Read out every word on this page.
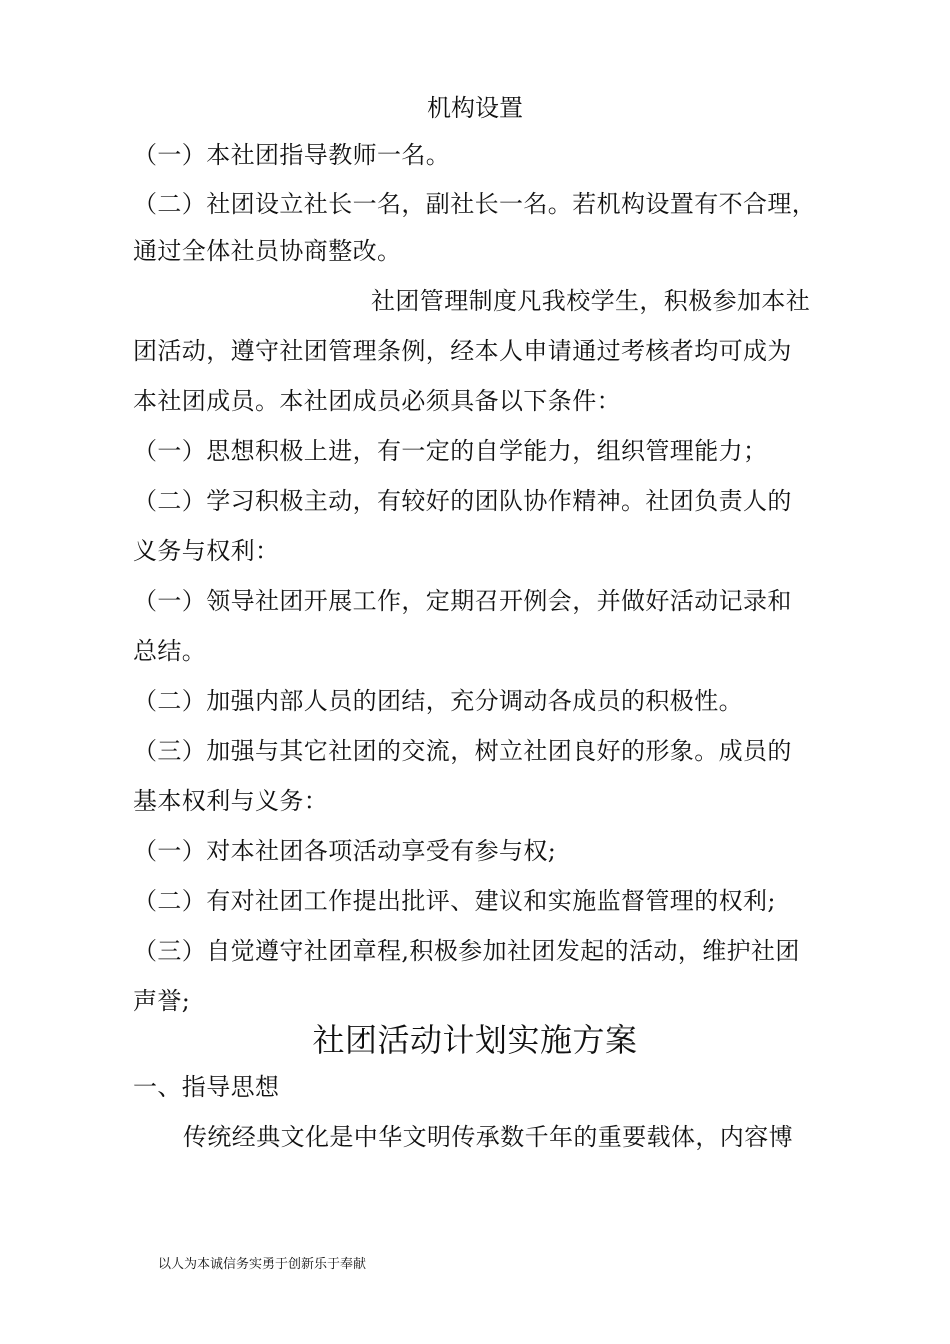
机构设置
（一）本社团指导教师一名。
（二）社团设立社长一名，副社长一名。若机构设置有不合理，
通过全体社员协商整改。
社团管理制度凡我校学生，积极参加本社
团活动，遵守社团管理条例，经本人申请通过考核者均可成为
本社团成员。本社团成员必须具备以下条件：
（一）思想积极上进，有一定的自学能力，组织管理能力；
（二）学习积极主动，有较好的团队协作精神。社团负责人的
义务与权利：
（一）领导社团开展工作，定期召开例会，并做好活动记录和
总结。
（二）加强内部人员的团结，充分调动各成员的积极性。
（三）加强与其它社团的交流，树立社团良好的形象。成员的
基本权利与义务：
（一）对本社团各项活动享受有参与权;
（二）有对社团工作提出批评、建议和实施监督管理的权利;
（三）自觉遵守社团章程,积极参加社团发起的活动，维护社团
声誉;
社团活动计划实施方案
一、指导思想
传统经典文化是中华文明传承数千年的重要载体，内容博
以人为本诚信务实勇于创新乐于奉献
